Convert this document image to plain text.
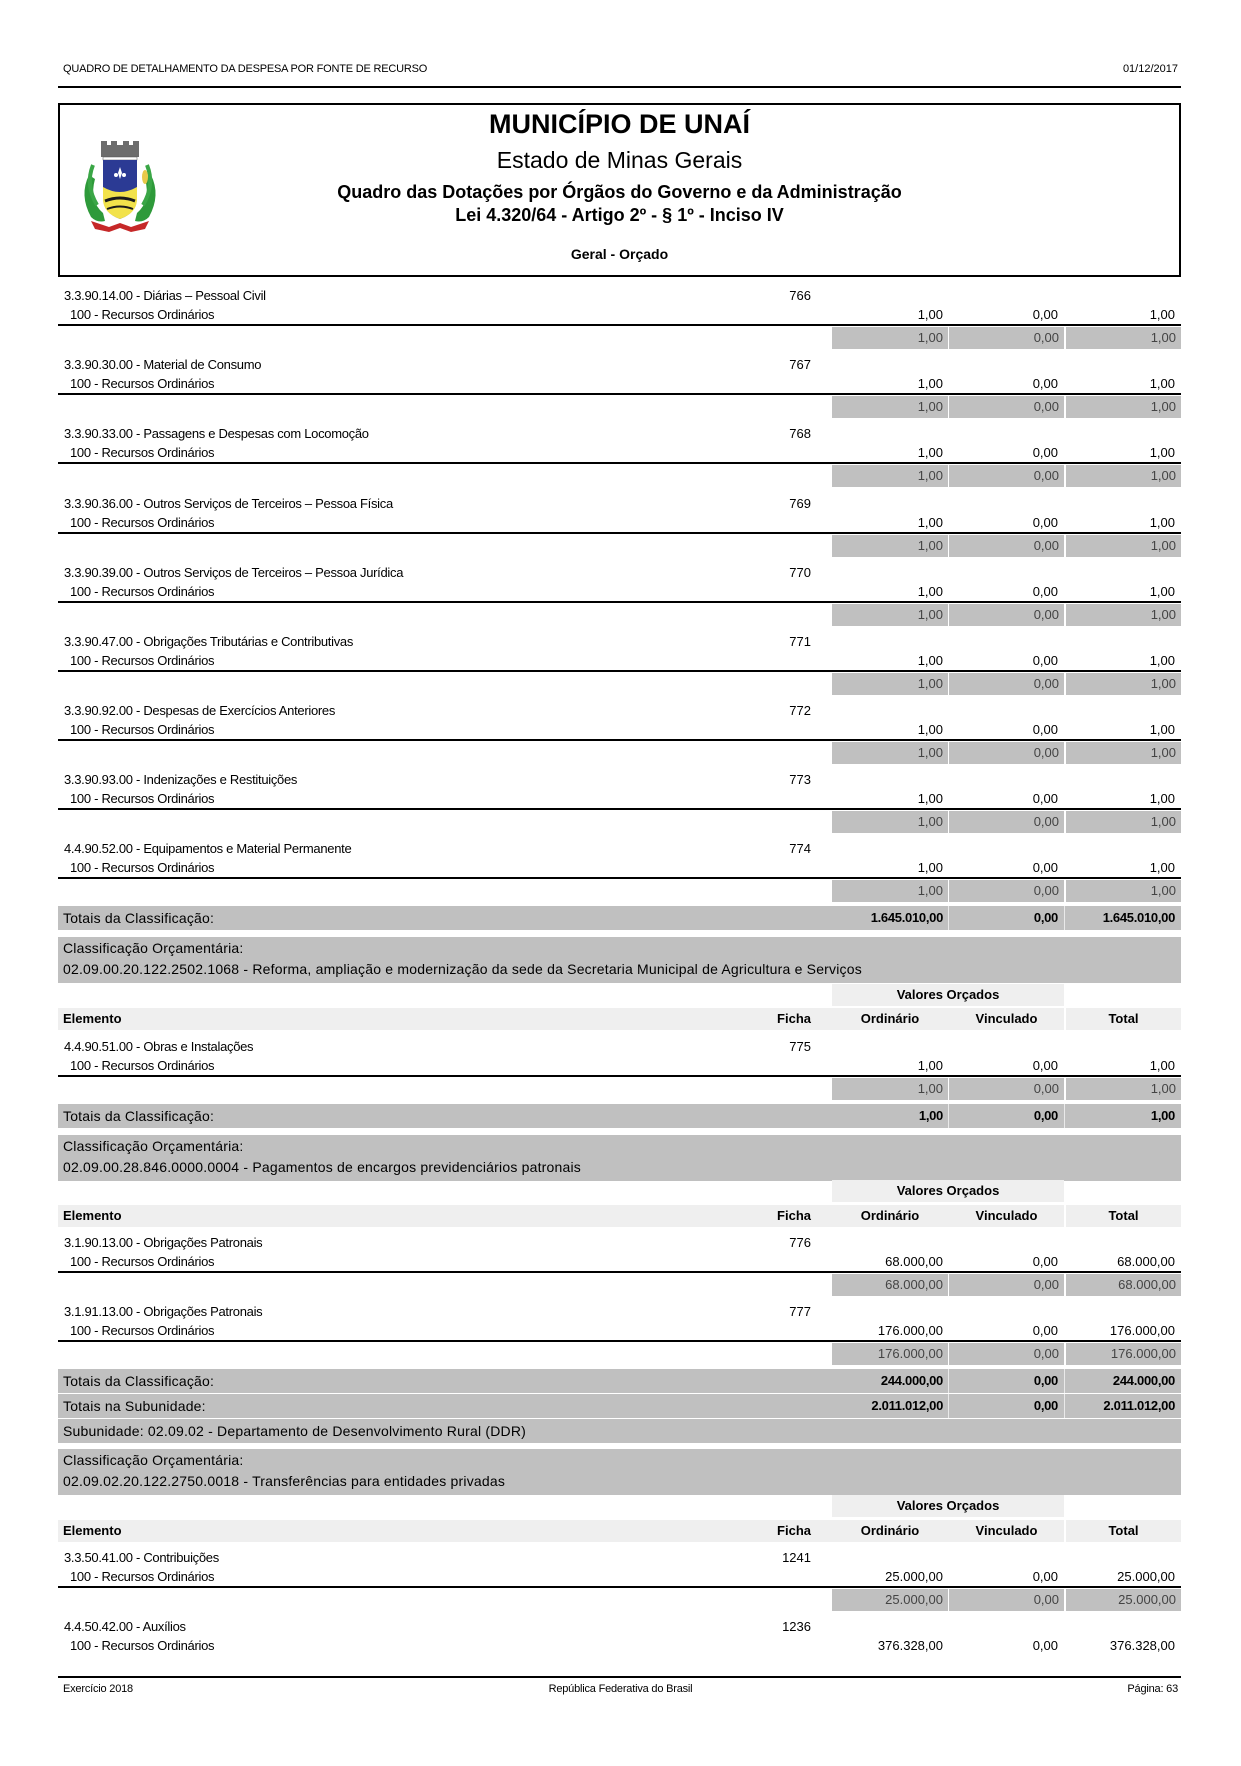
QUADRO DE DETALHAMENTO DA DESPESA POR FONTE DE RECURSO	01/12/2017
MUNICÍPIO DE UNAÍ
Estado de Minas Gerais
Quadro das Dotações por Órgãos do Governo e da Administração
Lei 4.320/64 - Artigo 2º - § 1º - Inciso IV
Geral - Orçado
3.3.90.14.00 - Diárias – Pessoal Civil	766
100 - Recursos Ordinários	1,00	0,00	1,00
1,00	0,00	1,00
3.3.90.30.00 - Material de Consumo	767
100 - Recursos Ordinários	1,00	0,00	1,00
1,00	0,00	1,00
3.3.90.33.00 - Passagens e Despesas com Locomoção	768
100 - Recursos Ordinários	1,00	0,00	1,00
1,00	0,00	1,00
3.3.90.36.00 - Outros Serviços de Terceiros – Pessoa Física	769
100 - Recursos Ordinários	1,00	0,00	1,00
1,00	0,00	1,00
3.3.90.39.00 - Outros Serviços de Terceiros – Pessoa Jurídica	770
100 - Recursos Ordinários	1,00	0,00	1,00
1,00	0,00	1,00
3.3.90.47.00 - Obrigações Tributárias e Contributivas	771
100 - Recursos Ordinários	1,00	0,00	1,00
1,00	0,00	1,00
3.3.90.92.00 - Despesas de Exercícios Anteriores	772
100 - Recursos Ordinários	1,00	0,00	1,00
1,00	0,00	1,00
3.3.90.93.00 - Indenizações e Restituições	773
100 - Recursos Ordinários	1,00	0,00	1,00
1,00	0,00	1,00
4.4.90.52.00 - Equipamentos e Material Permanente	774
100 - Recursos Ordinários	1,00	0,00	1,00
1,00	0,00	1,00
Totais da Classificação:	1.645.010,00	0,00	1.645.010,00
Classificação Orçamentária:
02.09.00.20.122.2502.1068 - Reforma, ampliação e modernização da sede da Secretaria Municipal de Agricultura e Serviços
Valores Orçados
Elemento	Ficha	Ordinário	Vinculado	Total
4.4.90.51.00 - Obras e Instalações	775
100 - Recursos Ordinários	1,00	0,00	1,00
1,00	0,00	1,00
Totais da Classificação:	1,00	0,00	1,00
Classificação Orçamentária:
02.09.00.28.846.0000.0004 - Pagamentos de encargos previdenciários patronais
Valores Orçados
Elemento	Ficha	Ordinário	Vinculado	Total
3.1.90.13.00 - Obrigações Patronais	776
100 - Recursos Ordinários	68.000,00	0,00	68.000,00
68.000,00	0,00	68.000,00
3.1.91.13.00 - Obrigações Patronais	777
100 - Recursos Ordinários	176.000,00	0,00	176.000,00
176.000,00	0,00	176.000,00
Totais da Classificação:	244.000,00	0,00	244.000,00
Totais na Subunidade:	2.011.012,00	0,00	2.011.012,00
Subunidade: 02.09.02 - Departamento de Desenvolvimento Rural (DDR)
Classificação Orçamentária:
02.09.02.20.122.2750.0018 - Transferências para entidades privadas
Valores Orçados
Elemento	Ficha	Ordinário	Vinculado	Total
3.3.50.41.00 - Contribuições	1241
100 - Recursos Ordinários	25.000,00	0,00	25.000,00
25.000,00	0,00	25.000,00
4.4.50.42.00 - Auxílios	1236
100 - Recursos Ordinários	376.328,00	0,00	376.328,00
Exercício 2018	República Federativa do Brasil	Página: 63
